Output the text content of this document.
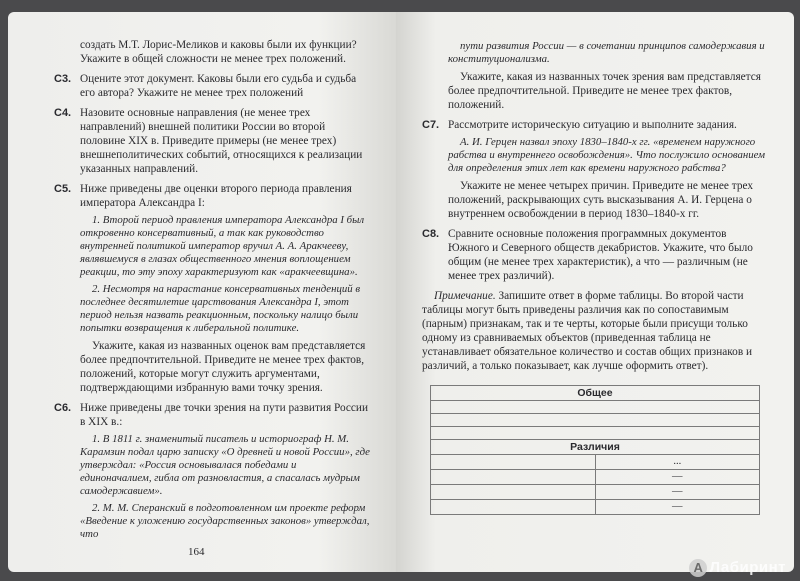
создать М.Т. Лорис-Меликов и каковы были их функции? Укажите в общей сложности не менее трех положений.

С3. Оцените этот документ. Каковы были его судьба и судьба его автора? Укажите не менее трех положений

С4. Назовите основные направления (не менее трех направлений) внешней политики России во второй половине XIX в. Приведите примеры (не менее трех) внешнеполитических событий, относящихся к реализации указанных направлений.

С5. Ниже приведены две оценки второго периода правления императора Александра I:

1. Второй период правления императора Александра I был откровенно консервативный, а так как руководство внутренней политикой император вручил А. А. Аракчееву, являвшемуся в глазах общественного мнения воплощением реакции, то эту эпоху характеризуют как «аракчеевщина».

2. Несмотря на нарастание консервативных тенденций в последнее десятилетие царствования Александра I, этот период нельзя назвать реакционным, поскольку налицо были попытки возвращения к либеральной политике.

Укажите, какая из названных оценок вам представляется более предпочтительной. Приведите не менее трех фактов, положений, которые могут служить аргументами, подтверждающими избранную вами точку зрения.

С6. Ниже приведены две точки зрения на пути развития России в XIX в.:

1. В 1811 г. знаменитый писатель и историограф Н. М. Карамзин подал царю записку «О древней и новой России», где утверждал: «Россия основывалася победами и единоначалием, гибла от разновластия, а спасалась мудрым самодержавием».

2. М. М. Сперанский в подготовленном им проекте реформ «Введение к уложению государственных законов» утверждал, что

164

пути развития России — в сочетании принципов самодержавия и конституционализма.

Укажите, какая из названных точек зрения вам представляется более предпочтительной. Приведите не менее трех фактов, положений.

С7. Рассмотрите историческую ситуацию и выполните задания.

А. И. Герцен назвал эпоху 1830–1840-х гг. «временем наружного рабства и внутреннего освобождения». Что послужило основанием для определения этих лет как времени наружного рабства?

Укажите не менее четырех причин. Приведите не менее трех положений, раскрывающих суть высказывания А. И. Герцена о внутреннем освобождении в период 1830–1840-х гг.

С8. Сравните основные положения программных документов Южного и Северного обществ декабристов. Укажите, что было общим (не менее трех характеристик), а что — различным (не менее трех различий).

Примечание. Запишите ответ в форме таблицы. Во второй части таблицы могут быть приведены различия как по сопоставимым (парным) признакам, так и те черты, которые были присущи только одному из сравниваемых объектов (приведенная таблица не устанавливает обязательное количество и состав общих признаков и различий, а только показывает, как лучше оформить ответ).

Общее	

Различия	
	...
	—
	—
	—
A Лабиринт
